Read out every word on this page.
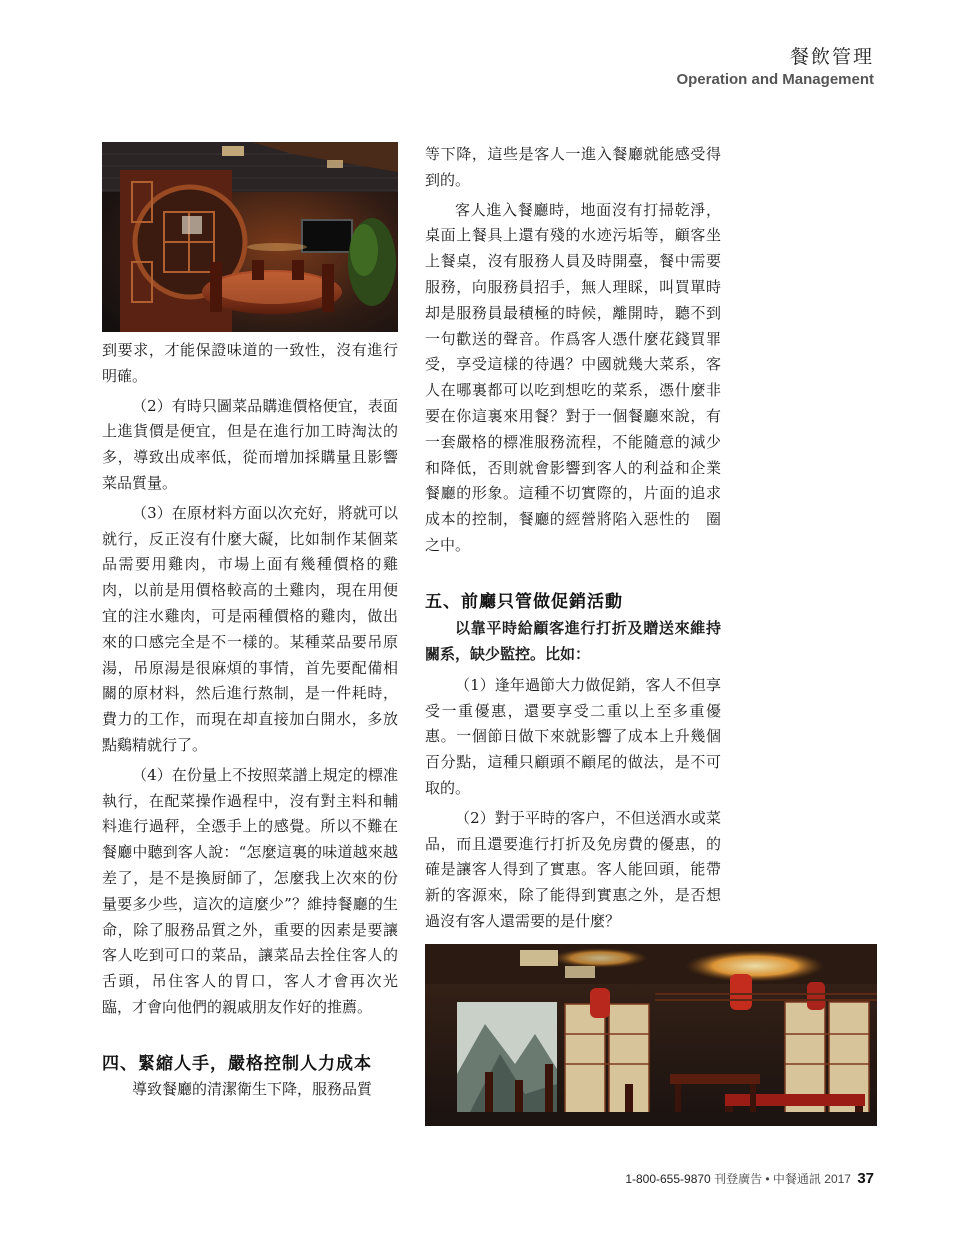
餐飲管理
Operation and Management

到要求，才能保證味道的一致性，沒有進行明確。

（2）有時只圖菜品購進價格便宜，表面上進貨價是便宜，但是在進行加工時淘汰的多，導致出成率低，從而增加採購量且影響菜品質量。

（3）在原材料方面以次充好，將就可以就行，反正沒有什麼大礙，比如制作某個菜品需要用雞肉，市場上面有幾種價格的雞肉，以前是用價格較高的土雞肉，現在用便宜的注水雞肉，可是兩種價格的雞肉，做出來的口感完全是不一樣的。某種菜品要吊原湯，吊原湯是很麻煩的事情，首先要配備相關的原材料，然后進行熬制，是一件耗時，費力的工作，而現在却直接加白開水，多放點鷄精就行了。

（4）在份量上不按照菜譜上規定的標准執行，在配菜操作過程中，沒有對主料和輔料進行過秤，全憑手上的感覺。所以不難在餐廳中聽到客人說：“怎麼這裏的味道越來越差了，是不是換厨師了，怎麼我上次來的份量要多少些，這次的這麼少”？維持餐廳的生命，除了服務品質之外，重要的因素是要讓客人吃到可口的菜品，讓菜品去拴住客人的舌頭，吊住客人的胃口，客人才會再次光臨，才會向他們的親戚朋友作好的推薦。

四、緊縮人手，嚴格控制人力成本

導致餐廳的清潔衛生下降，服務品質

等下降，這些是客人一進入餐廳就能感受得到的。

客人進入餐廳時，地面沒有打掃乾淨，桌面上餐具上還有殘的水迹污垢等，顧客坐上餐桌，沒有服務人員及時開臺，餐中需要服務，向服務員招手，無人理睬，叫買單時却是服務員最積極的時候，離開時，聽不到一句歡送的聲音。作爲客人憑什麼花錢買罪受，享受這樣的待遇？中國就幾大菜系，客人在哪裏都可以吃到想吃的菜系，憑什麼非要在你這裏來用餐？對于一個餐廳來說，有一套嚴格的標准服務流程，不能隨意的減少和降低，否則就會影響到客人的利益和企業餐廳的形象。這種不切實際的，片面的追求成本的控制，餐廳的經營將陷入惡性的　圈之中。

五、前廳只管做促銷活動
以靠平時給顧客進行打折及贈送來維持關系，缺少監控。比如：

（1）逢年過節大力做促銷，客人不但享受一重優惠，還要享受二重以上至多重優惠。一個節日做下來就影響了成本上升幾個百分點，這種只顧頭不顧尾的做法，是不可取的。

（2）對于平時的客户，不但送酒水或菜品，而且還要進行打折及免房費的優惠，的確是讓客人得到了實惠。客人能回頭，能帶新的客源來，除了能得到實惠之外，是否想過沒有客人還需要的是什麼？

1-800-655-9870 刊登廣告 • 中餐通訊 2017 37
